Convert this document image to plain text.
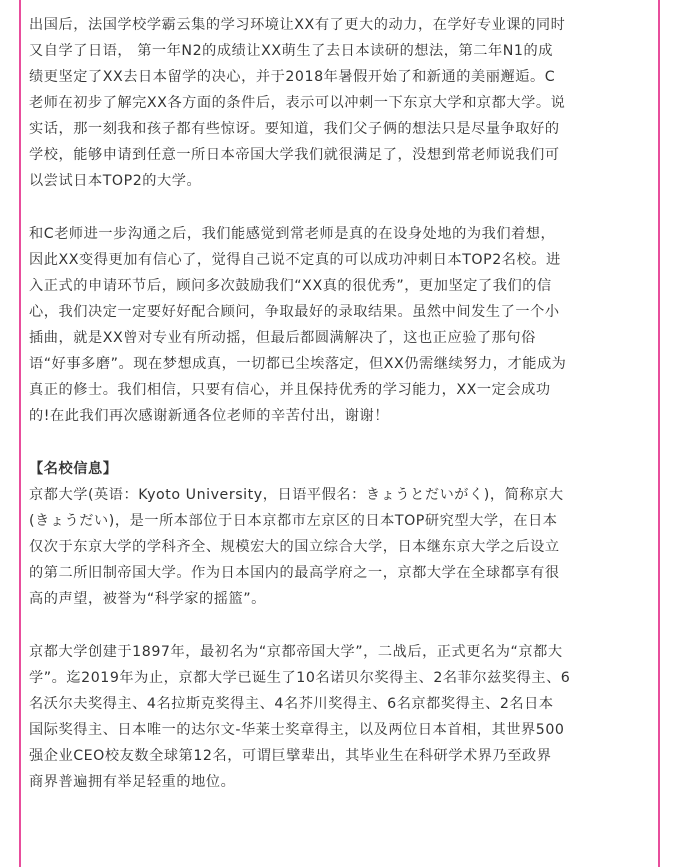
出国后，法国学校学霸云集的学习环境让XX有了更大的动力，在学好专业课的同时
又自学了日语， 第一年N2的成绩让XX萌生了去日本读研的想法，第二年N1的成
绩更坚定了XX去日本留学的决心，并于2018年暑假开始了和新通的美丽邂逅。C
老师在初步了解完XX各方面的条件后，表示可以冲刺一下东京大学和京都大学。说
实话，那一刻我和孩子都有些惊讶。要知道，我们父子俩的想法只是尽量争取好的
学校，能够申请到任意一所日本帝国大学我们就很满足了，没想到常老师说我们可
以尝试日本TOP2的大学。
和C老师进一步沟通之后，我们能感觉到常老师是真的在设身处地的为我们着想，
因此XX变得更加有信心了，觉得自己说不定真的可以成功冲刺日本TOP2名校。进
入正式的申请环节后，顾问多次鼓励我们“XX真的很优秀”，更加坚定了我们的信
心，我们决定一定要好好配合顾问，争取最好的录取结果。虽然中间发生了一个小
插曲，就是XX曾对专业有所动摇，但最后都圆满解决了，这也正应验了那句俗
语“好事多磨”。现在梦想成真，一切都已尘埃落定，但XX仍需继续努力，才能成为
真正的修士。我们相信，只要有信心，并且保持优秀的学习能力，XX一定会成功
的!在此我们再次感谢新通各位老师的辛苦付出，谢谢！
【名校信息】
京都大学(英语：Kyoto University，日语平假名：きょうとだいがく)，简称京大
(きょうだい)，是一所本部位于日本京都市左京区的日本TOP研究型大学，在日本
仅次于东京大学的学科齐全、规模宏大的国立综合大学，日本继东京大学之后设立
的第二所旧制帝国大学。作为日本国内的最高学府之一，京都大学在全球都享有很
高的声望，被誉为“科学家的摇篮”。
京都大学创建于1897年，最初名为“京都帝国大学”，二战后，正式更名为“京都大
学”。迄2019年为止，京都大学已诞生了10名诺贝尔奖得主、2名菲尔兹奖得主、6
名沃尔夫奖得主、4名拉斯克奖得主、4名芥川奖得主、6名京都奖得主、2名日本
国际奖得主、日本唯一的达尔文-华莱士奖章得主，以及两位日本首相，其世界500
强企业CEO校友数全球第12名，可谓巨擘辈出，其毕业生在科研学术界乃至政界
商界普遍拥有举足轻重的地位。
